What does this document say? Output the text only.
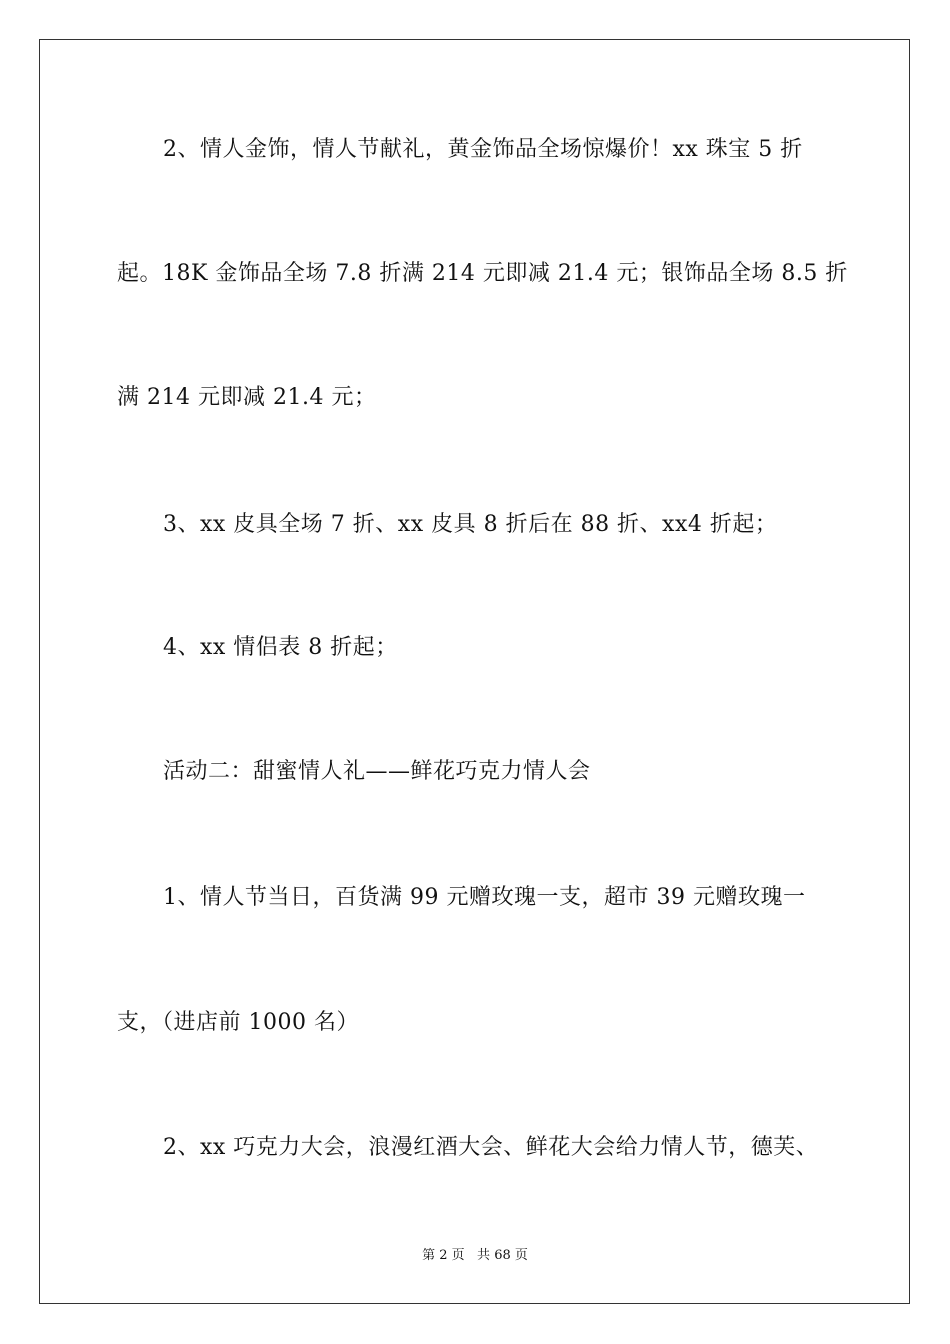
2、情人金饰，情人节献礼，黄金饰品全场惊爆价！xx 珠宝 5 折
起。18K 金饰品全场 7.8 折满 214 元即减 21.4 元；银饰品全场 8.5 折
满 214 元即减 21.4 元；
3、xx 皮具全场 7 折、xx 皮具 8 折后在 88 折、xx4 折起；
4、xx 情侣表 8 折起；
活动二：甜蜜情人礼——鲜花巧克力情人会
1、情人节当日，百货满 99 元赠玫瑰一支，超市 39 元赠玫瑰一
支，（进店前 1000 名）
2、xx 巧克力大会，浪漫红酒大会、鲜花大会给力情人节，德芙、
第 2 页   共 68 页
